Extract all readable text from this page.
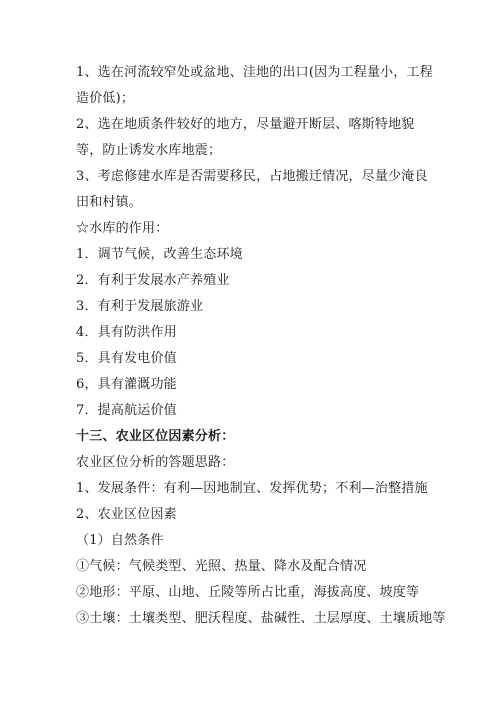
1、选在河流较窄处或盆地、洼地的出口(因为工程量小，工程造价低)；
2、选在地质条件较好的地方，尽量避开断层、喀斯特地貌等，防止诱发水库地震；
3、考虑修建水库是否需要移民，占地搬迁情况，尽量少淹良田和村镇。
☆水库的作用：
1．调节气候，改善生态环境
2．有利于发展水产养殖业
3．有利于发展旅游业
4．具有防洪作用
5．具有发电价值
6，具有灌溉功能
7．提高航运价值
十三、农业区位因素分析：
农业区位分析的答题思路：
1、发展条件：有利—因地制宜、发挥优势；不利—治整措施
2、农业区位因素
（1）自然条件
①气候：气候类型、光照、热量、降水及配合情况
②地形：平原、山地、丘陵等所占比重，海拔高度、坡度等
③土壤：土壤类型、肥沃程度、盐碱性、土层厚度、土壤质地等
